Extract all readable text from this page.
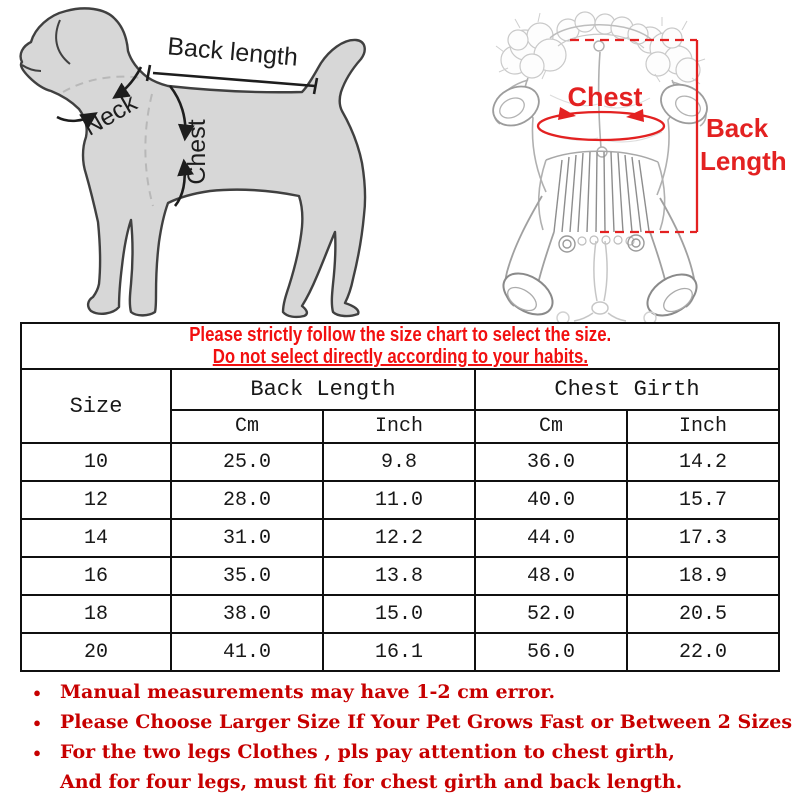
Back length
Neck
Chest
Chest
Back
Length
Please strictly follow the size chart to select the size.
Do not select directly according to your habits.				

Size	Back Length		Chest Girth	
	Cm	Inch	Cm	Inch
10	25.0	9.8	36.0	14.2
12	28.0	11.0	40.0	15.7
14	31.0	12.2	44.0	17.3
16	35.0	13.8	48.0	18.9
18	38.0	15.0	52.0	20.5
20	41.0	16.1	56.0	22.0
● Manual measurements may have 1-2 cm error.
● Please Choose Larger Size If Your Pet Grows Fast or Between 2 Sizes
● For the two legs Clothes , pls pay attention to chest girth,
And for four legs, must fit for chest girth and back length.
